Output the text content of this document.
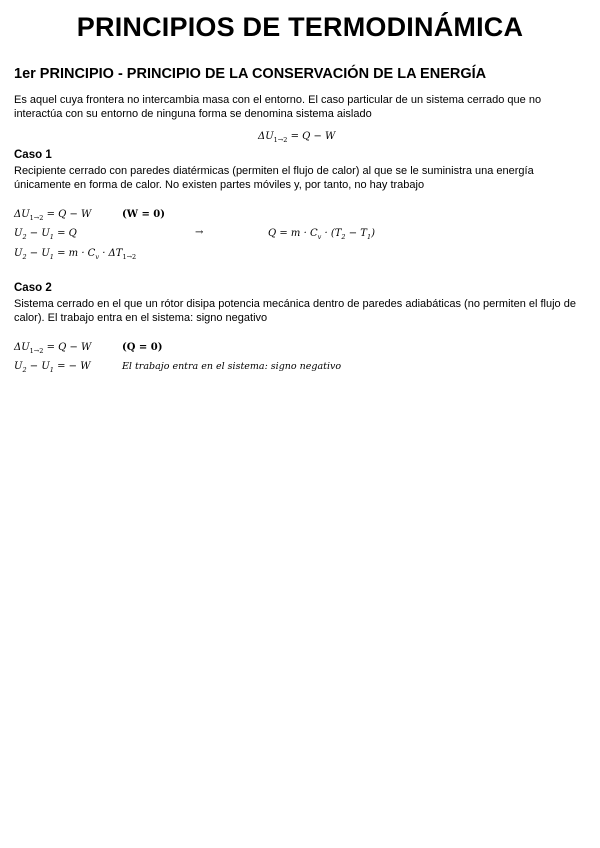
PRINCIPIOS DE TERMODINÁMICA
1er PRINCIPIO - PRINCIPIO DE LA CONSERVACIÓN DE LA ENERGÍA

Es aquel cuya frontera no intercambia masa con el entorno. El caso particular de un sistema cerrado que no interactúa con su entorno de ninguna forma se denomina sistema aislado

$\Delta U_{1\to 2} = Q - W$

Caso 1

Recipiente cerrado con paredes diatérmicas (permiten el flujo de calor) al que se le suministra una energía únicamente en forma de calor. No existen partes móviles y, por tanto, no hay trabajo

$\Delta U_{1\to 2} = Q - W$	(W = 0)
$U_2 - U_1 = Q$	→	$Q = m \cdot C_v \cdot (T_2 - T_1)$
$U_2 - U_1 = m \cdot C_v \cdot \Delta T_{1\to 2}$

Caso 2

Sistema cerrado en el que un rótor disipa potencia mecánica dentro de paredes adiabáticas (no permiten el flujo de calor). El trabajo entra en el sistema: signo negativo

$\Delta U_{1\to 2} = Q - W$	(Q = 0)
$U_2 - U_1$ = − W	El trabajo entra en el sistema: signo negativo
